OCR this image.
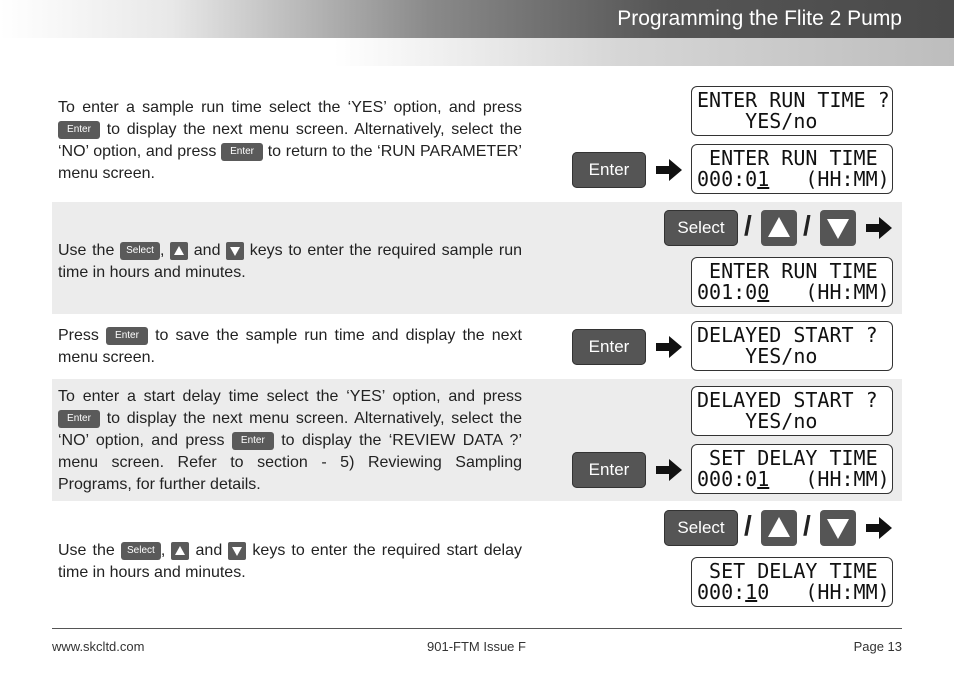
Programming the Flite 2 Pump
To enter a sample run time select the ‘YES’ option, and press Enter to display the next menu screen. Alternatively, select the ‘NO’ option, and press Enter to return to the ‘RUN PARAMETER’ menu screen.
Use the Select , and keys to enter the required sample run time in hours and minutes.
Press Enter to save the sample run time and display the next menu screen.
To enter a start delay time select the ‘YES’ option, and press Enter to display the next menu screen. Alternatively, select the ‘NO’ option, and press Enter to display the ‘REVIEW DATA ?’ menu screen. Refer to section - 5) Reviewing Sampling Programs, for further details.
Use the Select , and keys to enter the required start delay time in hours and minutes.
ENTER RUN TIME ?
YES/no
Enter	ENTER RUN TIME
000:01   (HH:MM)
Select / /
ENTER RUN TIME
001:00   (HH:MM)
Enter	DELAYED START ?
YES/no
DELAYED START ?
YES/no
Enter	SET DELAY TIME
000:01   (HH:MM)
Select / /
SET DELAY TIME
000:10   (HH:MM)
www.skcltd.com	901-FTM Issue F	Page 13
